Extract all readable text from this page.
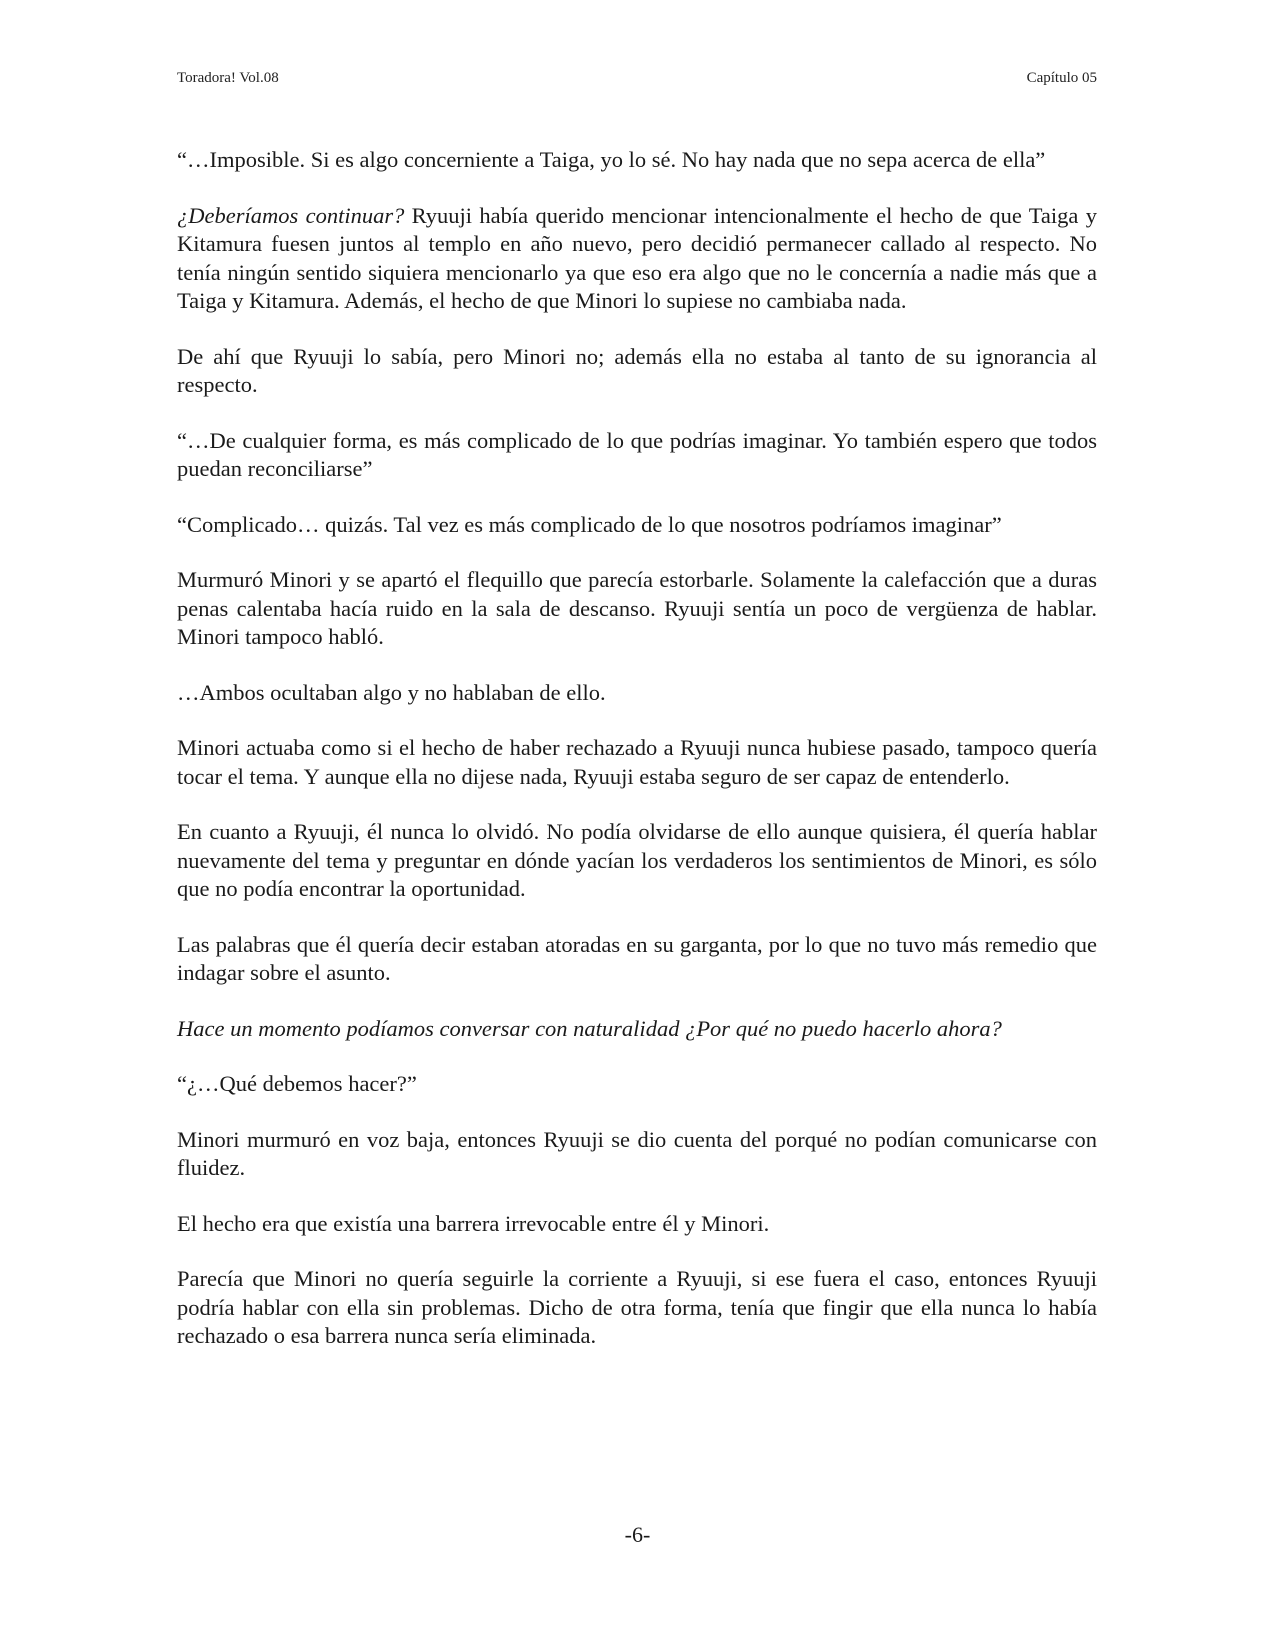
Toradora! Vol.08	Capítulo 05

“…Imposible. Si es algo concerniente a Taiga, yo lo sé. No hay nada que no sepa acerca de ella”

¿Deberíamos continuar? Ryuuji había querido mencionar intencionalmente el hecho de que Taiga y Kitamura fuesen juntos al templo en año nuevo, pero decidió permanecer callado al respecto. No tenía ningún sentido siquiera mencionarlo ya que eso era algo que no le concernía a nadie más que a Taiga y Kitamura. Además, el hecho de que Minori lo supiese no cambiaba nada.

De ahí que Ryuuji lo sabía, pero Minori no; además ella no estaba al tanto de su ignorancia al respecto.

“…De cualquier forma, es más complicado de lo que podrías imaginar. Yo también espero que todos puedan reconciliarse”

“Complicado… quizás. Tal vez es más complicado de lo que nosotros podríamos imaginar”

Murmuró Minori y se apartó el flequillo que parecía estorbarle. Solamente la calefacción que a duras penas calentaba hacía ruido en la sala de descanso. Ryuuji sentía un poco de vergüenza de hablar. Minori tampoco habló.

…Ambos ocultaban algo y no hablaban de ello.

Minori actuaba como si el hecho de haber rechazado a Ryuuji nunca hubiese pasado, tampoco quería tocar el tema. Y aunque ella no dijese nada, Ryuuji estaba seguro de ser capaz de entenderlo.

En cuanto a Ryuuji, él nunca lo olvidó. No podía olvidarse de ello aunque quisiera, él quería hablar nuevamente del tema y preguntar en dónde yacían los verdaderos los sentimientos de Minori, es sólo que no podía encontrar la oportunidad.

Las palabras que él quería decir estaban atoradas en su garganta, por lo que no tuvo más remedio que indagar sobre el asunto.

Hace un momento podíamos conversar con naturalidad ¿Por qué no puedo hacerlo ahora?

“¿…Qué debemos hacer?”

Minori murmuró en voz baja, entonces Ryuuji se dio cuenta del porqué no podían comunicarse con fluidez.

El hecho era que existía una barrera irrevocable entre él y Minori.

Parecía que Minori no quería seguirle la corriente a Ryuuji, si ese fuera el caso, entonces Ryuuji podría hablar con ella sin problemas. Dicho de otra forma, tenía que fingir que ella nunca lo había rechazado o esa barrera nunca sería eliminada.

-6-
